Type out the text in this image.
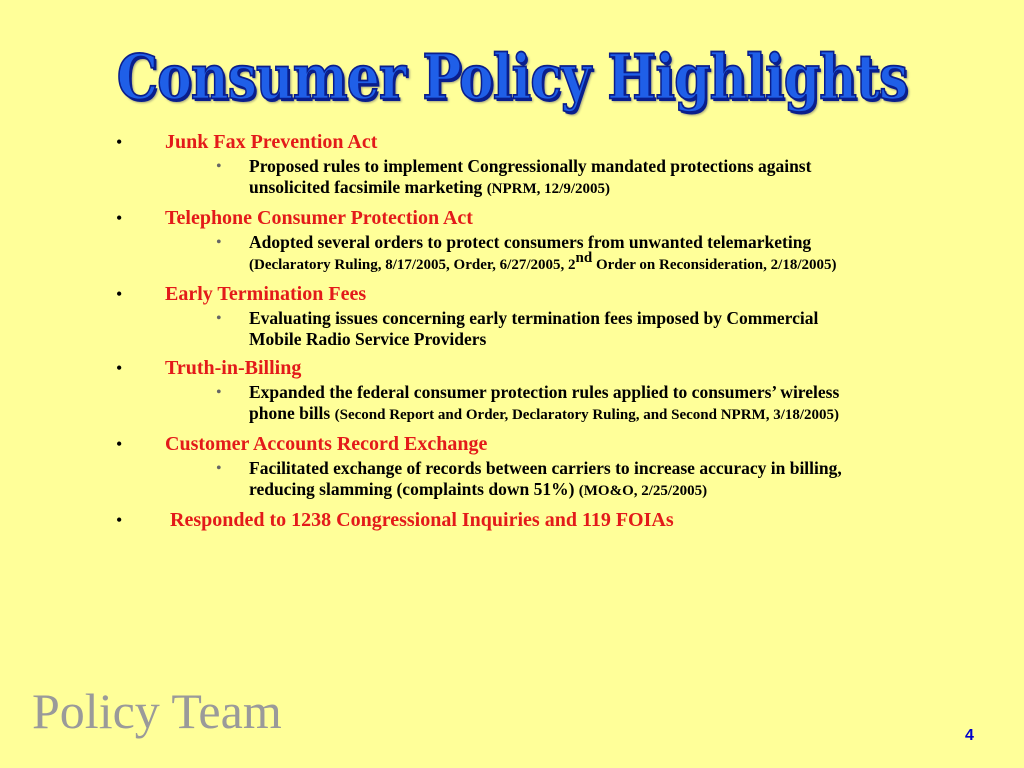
Consumer Policy Highlights
• Junk Fax Prevention Act
• Proposed rules to implement Congressionally mandated protections against unsolicited facsimile marketing (NPRM, 12/9/2005)
• Telephone Consumer Protection Act
• Adopted several orders to protect consumers from unwanted telemarketing (Declaratory Ruling, 8/17/2005, Order, 6/27/2005, 2nd Order on Reconsideration, 2/18/2005)
• Early Termination Fees
• Evaluating issues concerning early termination fees imposed by Commercial Mobile Radio Service Providers
• Truth-in-Billing
• Expanded the federal consumer protection rules applied to consumers’ wireless phone bills (Second Report and Order, Declaratory Ruling, and Second NPRM, 3/18/2005)
• Customer Accounts Record Exchange
• Facilitated exchange of records between carriers to increase accuracy in billing, reducing slamming (complaints down 51%) (MO&O, 2/25/2005)
• Responded to 1238 Congressional Inquiries and 119 FOIAs
Policy Team	4
